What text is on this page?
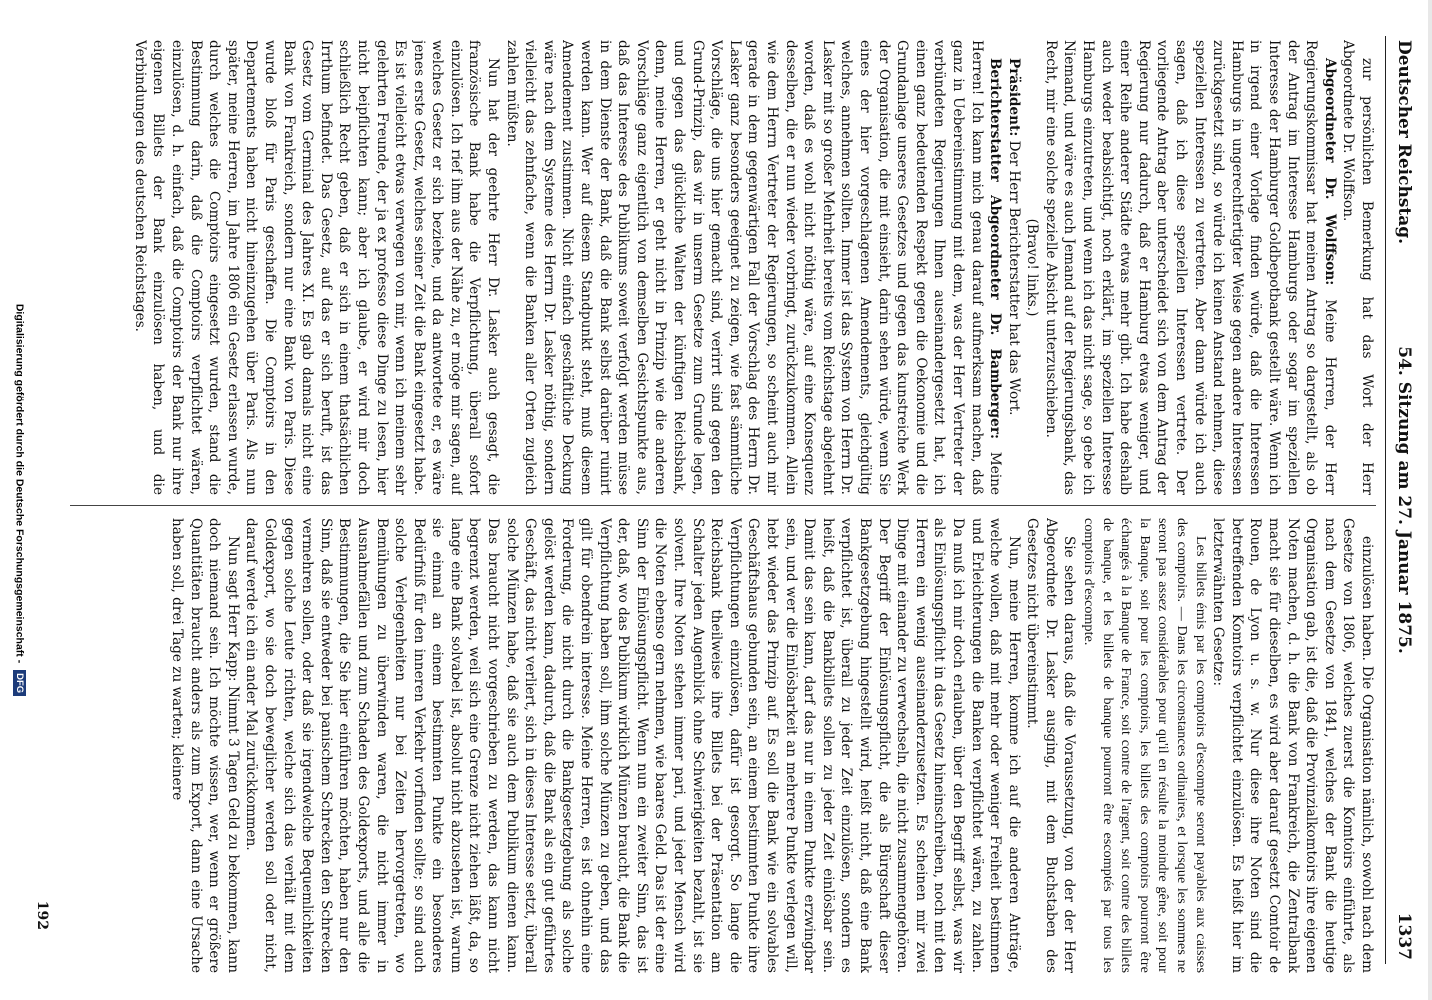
Deutscher Reichstag.
54. Sitzung am 27. Januar 1875.
1337

zur persönlichen Bemerkung hat das Wort der Herr Abgeordnete Dr. Wolffson.

Abgeordneter Dr. Wolffson: Meine Herren, der Herr Regierungskommissar hat meinen Antrag so dargestellt, als ob der Antrag im Interesse Hamburgs oder sogar im speziellen Interesse der Hamburger Goldbepotbank gestellt wäre. Wenn ich in irgend einer Vorlage finden würde, daß die Interessen Hamburgs in ungerechtfertigter Weise gegen andere Interessen zurückgesetzt sind, so würde ich keinen Anstand nehmen, diese speziellen Interessen zu vertreten. Aber dann würde ich auch sagen, daß ich diese speziellen Interessen vertrete. Der vorliegende Antrag aber unterscheidet sich von dem Antrag der Regierung nur dadurch, daß er Hamburg etwas weniger, und einer Reihe anderer Städte etwas mehr gibt. Ich habe deshalb auch weder beabsichtigt, noch erklärt, im speziellen Interesse Hamburgs einzutreten, und wenn ich das nicht sage, so gebe ich Niemand, und wäre es auch Jemand auf der Regierungsbank, das Recht, mir eine solche spezielle Absicht unterzuschieben.

(Bravo! links.)

Präsident: Der Herr Berichterstatter hat das Wort.

Berichterstatter Abgeordneter Dr. Bamberger: Meine Herren! Ich kann mich genau darauf aufmerksam machen, daß ganz in Uebereinstimmung mit dem, was der Herr Vertreter der verbündeten Regierungen Ihnen auseinandergesetzt hat, ich einen ganz bedeutenden Respekt gegen die Oekonomie und die Grundanlage unseres Gesetzes und gegen das kunstreiche Werk der Organisation, die mit einsieht, darin sehen würde, wenn Sie eines der hier vorgeschlagenen Amendements, gleichgültig welches, annehmen sollten. Immer ist das System von Herrn Dr. Lasker mit so großer Mehrheit bereits vom Reichstage abgelehnt worden, daß es wohl nicht nöthig wäre, auf eine Konsequenz desselben, die er nun wieder vorbringt, zurückzukommen. Allein wie dem Herrn Vertreter der Regierungen, so scheint auch mir gerade in dem gegenwärtigen Fall der Vorschlag des Herrn Dr. Lasker ganz besonders geeignet zu zeigen, wie fast sämmtliche Vorschläge, die uns hier gemacht sind, verirrt sind gegen den Grund-Prinzip, das wir in unserm Gesetze zum Grunde legen, und gegen das glückliche Walten der künftigen Reichsbank, denn, meine Herren, er geht nicht in Prinzip wie die anderen Vorschläge ganz eigentlich von demselben Gesichtspunkte aus, daß das Interesse des Publikums soweit verfolgt werden müsse in dem Dienste der Bank, daß die Bank selbst darüber ruinirt werden kann. Wer auf diesem Standpunkt steht, muß diesem Amendement zustimmen. Nicht einfach geschäftliche Deckung wäre nach dem Systeme des Herrn Dr. Lasker nöthig, sondern vielleicht das zehnfache, wenn die Banken aller Orten zugleich zahlen müßten.

Nun hat der geehrte Herr Dr. Lasker auch gesagt, die französische Bank habe die Verpflichtung, überall sofort einzulösen. Ich rief ihm aus der Nähe zu, er möge mir sagen, auf welches Gesetz er sich beziehe, und da antwortete er, es wäre jenes erste Gesetz, welches seiner Zeit die Bank eingesetzt habe. Es ist vielleicht etwas verwegen von mir, wenn ich meinem sehr gelehrten Freunde, der ja ex professo diese Dinge zu lesen, hier nicht beipflichten kann; aber ich glaube, er wird mir doch schließlich Recht geben, daß er sich in einem thatsächlichen Irrthum befindet. Das Gesetz, auf das er sich beruft, ist das Gesetz vom Germinal des Jahres XI. Es gab damals nicht eine Bank von Frankreich, sondern nur eine Bank von Paris. Diese wurde bloß für Paris geschaffen. Die Comptoirs in den Departements haben nicht hineinzugehen über Paris. Als nun später, meine Herren, im Jahre 1806 ein Gesetz erlassen wurde, durch welches die Comptoirs eingesetzt wurden, stand die Bestimmung darin, daß die Comptoirs verpflichtet wären, einzulösen, d. h. einfach, daß die Comptoirs der Bank nur ihre eigenen Billets der Bank einzulösen haben, und die Verbindungen des deutschen Reichstages.

einzulösen haben. Die Organisation nämlich, sowohl nach dem Gesetze von 1806, welches zuerst die Komtoirs einführte, als nach dem Gesetze von 1841, welches der Bank die heutige Organisation gab, ist die, daß die Provinzialkomtoirs ihre eigenen Noten machen, d. h. die Bank von Frankreich, die Zentralbank macht sie für dieselben, es wird aber darauf gesetzt Comtoir de Rouen, de Lyon u. s. w. Nur diese ihre Noten sind die betreffenden Komtoirs verpflichtet einzulösen. Es heißt hier im letzterwähnten Gesetze:

Les billets émis par les comptoirs d'escompte seront payables aux caisses des comptoirs. — Dans les circonstances ordinaires, et lorsque les sommes ne seront pas assez considérables pour qu'il en résulte la moindre gêne, soit pour la Banque, soit pour les comptoirs, les billets des comptoirs pourront être échangés à la Banque de France, soit contre de l'argent, soit contre des billets de banque, et les billets de banque pourront être escomptés par tous les comptoirs d'escompte.

Sie sehen daraus, daß die Voraussetzung, von der der Herr Abgeordnete Dr. Lasker ausging, mit dem Buchstaben des Gesetzes nicht übereinstimmt.

Nun, meine Herren, komme ich auf die anderen Anträge, welche wollen, daß mit mehr oder weniger Freiheit bestimmen und Erleichterungen die Banken verpflichtet wären, zu zahlen. Da muß ich mir doch erlauben, über den Begriff selbst, was wir als Einlösungspflicht in das Gesetz hineinschreiben, noch mit den Herren ein wenig auseinanderzusetzen. Es scheinen mir zwei Dinge mit einander zu verwechseln, die nicht zusammengehören. Der Begriff der Einlösungspflicht, die als Bürgschaft dieser Bankgesetzgebung hingestellt wird, heißt nicht, daß eine Bank verpflichtet ist, überall zu jeder Zeit einzulösen, sondern es heißt, daß die Bankbillets sollen zu jeder Zeit einlösbar sein. Damit das sein kann, darf das nur in einem Punkte erzwingbar sein, und wer die Einlösbarkeit an mehrere Punkte verlegen will, hebt wieder das Prinzip auf. Es soll die Bank wie ein solvables Geschäftshaus gebunden sein, an einem bestimmten Punkte ihre Verpflichtungen einzulösen, dafür ist gesorgt. So lange die Reichsbank theilweise ihre Billets bei der Präsentation am Schalter jeden Augenblick ohne Schwierigkeiten bezahlt, ist sie solvent. Ihre Noten stehen immer pari, und jeder Mensch wird die Noten ebenso gern nehmen, wie baares Geld. Das ist der eine Sinn der Einlösungspflicht. Wenn nun ein zweiter Sinn, das ist der, daß, wo das Publikum wirklich Münzen braucht, die Bank die Verpflichtung haben soll, ihm solche Münzen zu geben, und das gilt für obendrein interesse. Meine Herren, es ist ohnehin eine Forderung, die nicht durch die Bankgesetzgebung als solche gelöst werden kann, dadurch, daß die Bank als ein gut geführtes Geschäft, das nicht verliert, sich in dieses Interesse setzt, überall solche Münzen habe, daß sie auch dem Publikum dienen kann. Das braucht nicht vorgeschrieben zu werden, das kann nicht begrenzt werden, weil sich eine Grenze nicht ziehen läßt, da, so lange eine Bank solvabel ist, absolut nicht abzusehen ist, warum sie einmal an einem bestimmten Punkte ein besonderes Bedürfniß für den inneren Verkehr vorfinden sollte; so sind auch solche Verlegenheiten nur bei Zeiten hervorgetreten, wo Bemühungen zu überwinden waren, die nicht immer in Ausnahmefällen und zum Schaden des Goldexports, und alle die Bestimmungen, die Sie hier einführen möchten, haben nur den Sinn, daß sie entweder bei panischem Schrecken den Schrecken vermehren sollen, oder daß sie irgendwelche Bequemlichkeiten gegen solche Leute richten, welche sich das verhält mit dem Goldexport, wo sie doch beweglicher werden soll oder nicht, darauf werde ich ein ander Mal zurückkommen.

Nun sagt Herr Kapp: Nimmt 3 Tagen Geld zu bekommen, kann doch niemand sein. Ich möchte wissen, wer, wenn er größere Quantitäten braucht anders als zum Export, dann eine Ursache haben soll, drei Tage zu warten; kleinere

192
Digitalisierung gefördert durch die Deutsche Forschungsgemeinschaft - DFG
